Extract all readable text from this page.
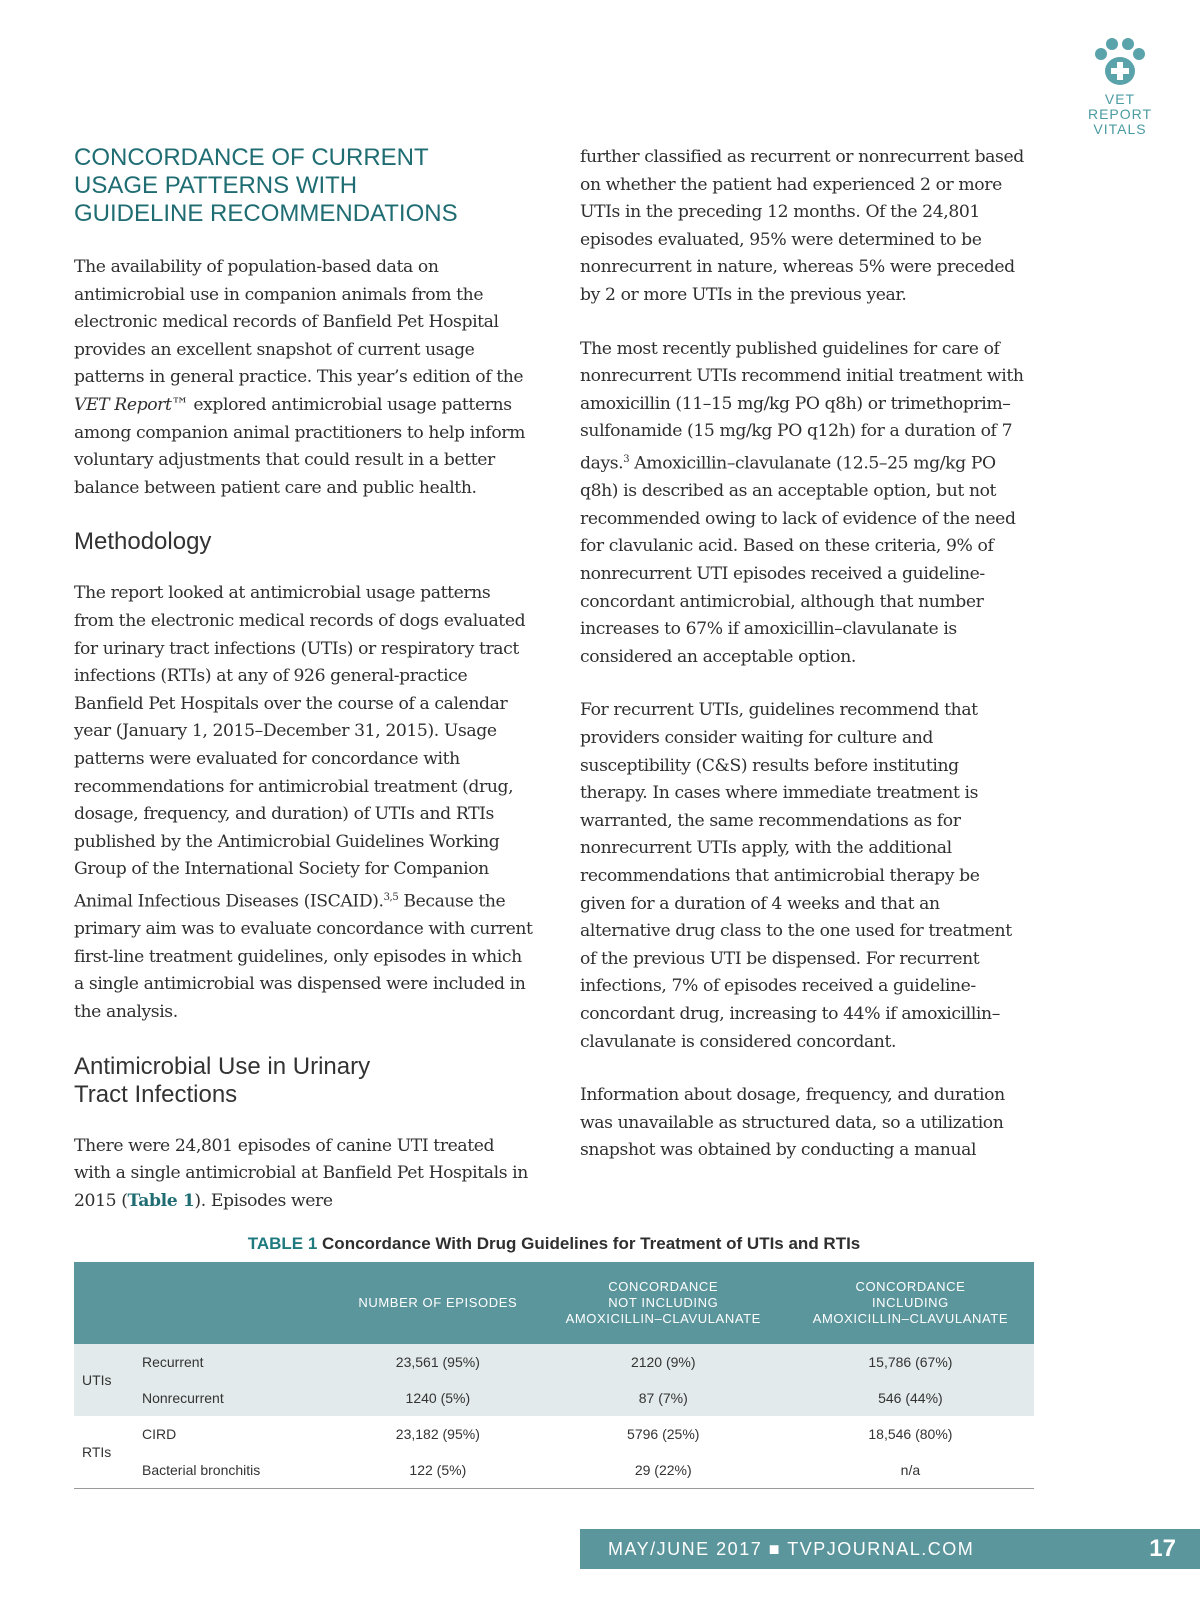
VET
REPORT
VITALS
CONCORDANCE OF CURRENT
USAGE PATTERNS WITH
GUIDELINE RECOMMENDATIONS

The availability of population-based data on antimicrobial use in companion animals from the electronic medical records of Banfield Pet Hospital provides an excellent snapshot of current usage patterns in general practice. This year’s edition of the VET Report™ explored antimicrobial usage patterns among companion animal practitioners to help inform voluntary adjustments that could result in a better balance between patient care and public health.

Methodology

The report looked at antimicrobial usage patterns from the electronic medical records of dogs evaluated for urinary tract infections (UTIs) or respiratory tract infections (RTIs) at any of 926 general-practice Banfield Pet Hospitals over the course of a calendar year (January 1, 2015–December 31, 2015). Usage patterns were evaluated for concordance with recommendations for antimicrobial treatment (drug, dosage, frequency, and duration) of UTIs and RTIs published by the Antimicrobial Guidelines Working Group of the International Society for Companion Animal Infectious Diseases (ISCAID).$^{3,5}$ Because the primary aim was to evaluate concordance with current first-line treatment guidelines, only episodes in which a single antimicrobial was dispensed were included in the analysis.

Antimicrobial Use in Urinary
Tract Infections

There were 24,801 episodes of canine UTI treated with a single antimicrobial at Banfield Pet Hospitals in 2015 (Table 1). Episodes were

further classified as recurrent or nonrecurrent based on whether the patient had experienced 2 or more UTIs in the preceding 12 months. Of the 24,801 episodes evaluated, 95% were determined to be nonrecurrent in nature, whereas 5% were preceded by 2 or more UTIs in the previous year.

The most recently published guidelines for care of nonrecurrent UTIs recommend initial treatment with amoxicillin (11–15 mg/kg PO q8h) or trimethoprim–sulfonamide (15 mg/kg PO q12h) for a duration of 7 days.$^3$ Amoxicillin–clavulanate (12.5–25 mg/kg PO q8h) is described as an acceptable option, but not recommended owing to lack of evidence of the need for clavulanic acid. Based on these criteria, 9% of nonrecurrent UTI episodes received a guideline-concordant antimicrobial, although that number increases to 67% if amoxicillin–clavulanate is considered an acceptable option.

For recurrent UTIs, guidelines recommend that providers consider waiting for culture and susceptibility (C&S) results before instituting therapy. In cases where immediate treatment is warranted, the same recommendations as for nonrecurrent UTIs apply, with the additional recommendations that antimicrobial therapy be given for a duration of 4 weeks and that an alternative drug class to the one used for treatment of the previous UTI be dispensed. For recurrent infections, 7% of episodes received a guideline-concordant drug, increasing to 44% if amoxicillin–clavulanate is considered concordant.

Information about dosage, frequency, and duration was unavailable as structured data, so a utilization snapshot was obtained by conducting a manual

TABLE 1 Concordance With Drug Guidelines for Treatment of UTIs and RTIs
		NUMBER OF EPISODES	CONCORDANCE
NOT INCLUDING
AMOXICILLIN–CLAVULANATE	CONCORDANCE
INCLUDING
AMOXICILLIN–CLAVULANATE
UTIs	Recurrent	23,561 (95%)	2120 (9%)	15,786 (67%)
	Nonrecurrent	1240 (5%)	87 (7%)	546 (44%)
RTIs	CIRD	23,182 (95%)	5796 (25%)	18,546 (80%)
	Bacterial bronchitis	122 (5%)	29 (22%)	n/a
MAY/JUNE 2017 ■ TVPJOURNAL.COM	17
